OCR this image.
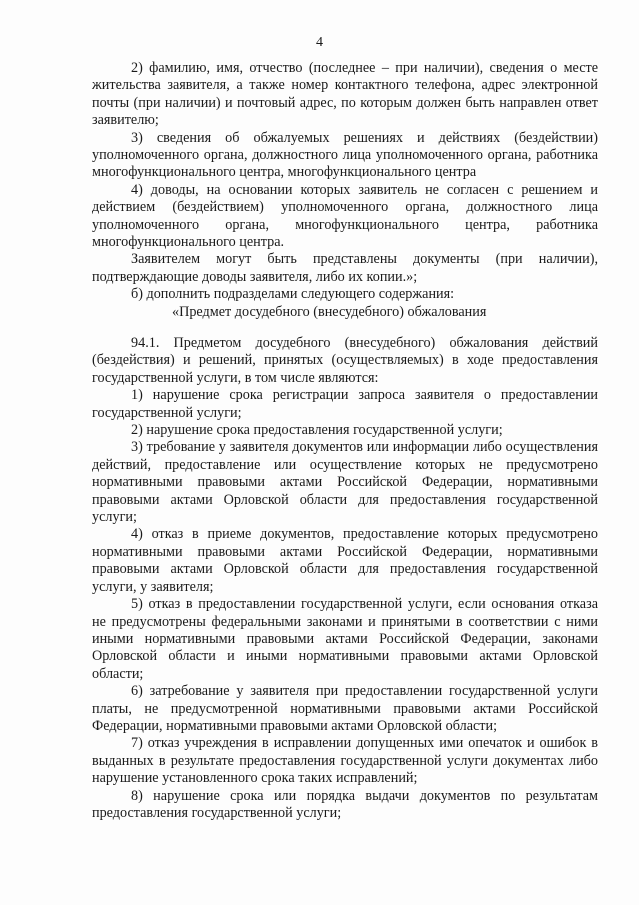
4

2) фамилию, имя, отчество (последнее – при наличии), сведения о месте жительства заявителя, а также номер контактного телефона, адрес электронной почты (при наличии) и почтовый адрес, по которым должен быть направлен ответ заявителю;

3) сведения об обжалуемых решениях и действиях (бездействии) уполномоченного органа, должностного лица уполномоченного органа, работника многофункционального центра, многофункционального центра

4) доводы, на основании которых заявитель не согласен с решением и действием (бездействием) уполномоченного органа, должностного лица уполномоченного органа, многофункционального центра, работника многофункционального центра.

Заявителем могут быть представлены документы (при наличии), подтверждающие доводы заявителя, либо их копии.»;

б) дополнить подразделами следующего содержания:

«Предмет досудебного (внесудебного) обжалования

94.1. Предметом досудебного (внесудебного) обжалования действий (бездействия) и решений, принятых (осуществляемых) в ходе предоставления государственной услуги, в том числе являются:

1) нарушение срока регистрации запроса заявителя о предоставлении государственной услуги;

2) нарушение срока предоставления государственной услуги;

3) требование у заявителя документов или информации либо осуществления действий, предоставление или осуществление которых не предусмотрено нормативными правовыми актами Российской Федерации, нормативными правовыми актами Орловской области для предоставления государственной услуги;

4) отказ в приеме документов, предоставление которых предусмотрено нормативными правовыми актами Российской Федерации, нормативными правовыми актами Орловской области для предоставления государственной услуги, у заявителя;

5) отказ в предоставлении государственной услуги, если основания отказа не предусмотрены федеральными законами и принятыми в соответствии с ними иными нормативными правовыми актами Российской Федерации, законами Орловской области и иными нормативными правовыми актами Орловской области;

6) затребование у заявителя при предоставлении государственной услуги платы, не предусмотренной нормативными правовыми актами Российской Федерации, нормативными правовыми актами Орловской области;

7) отказ учреждения в исправлении допущенных ими опечаток и ошибок в выданных в результате предоставления государственной услуги документах либо нарушение установленного срока таких исправлений;

8) нарушение срока или порядка выдачи документов по результатам предоставления государственной услуги;
